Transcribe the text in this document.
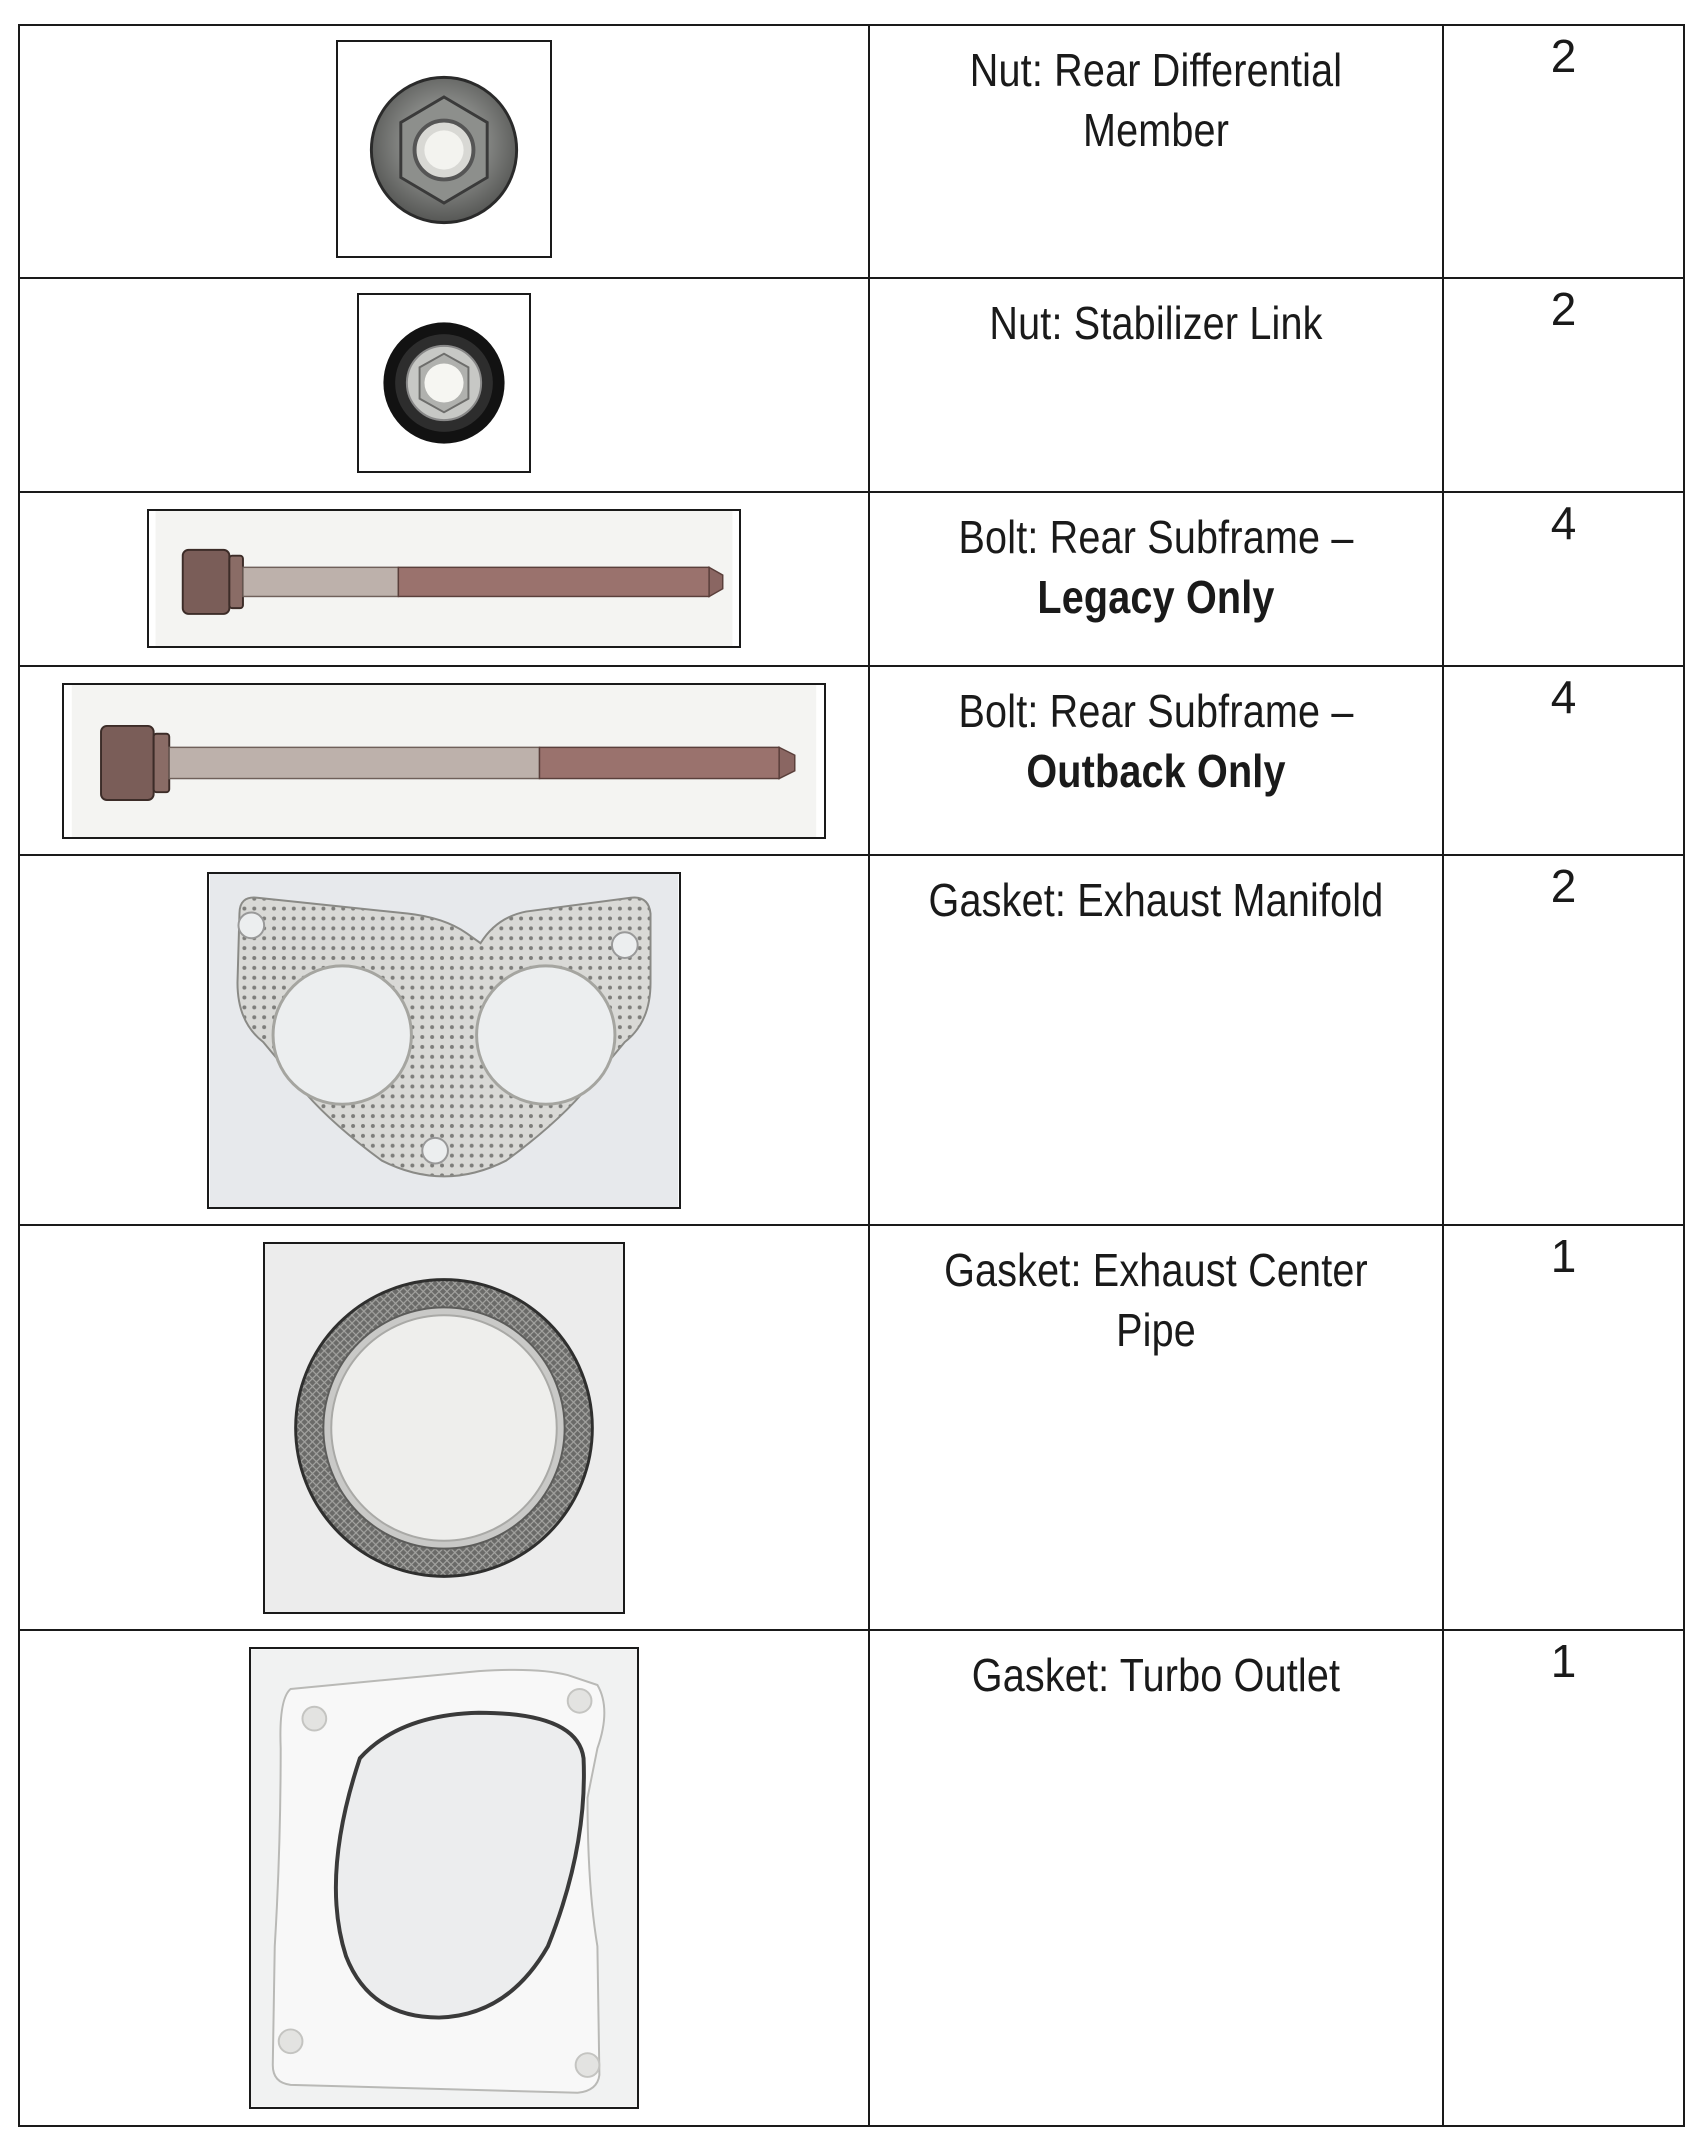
Nut: Rear Differential
Member	2

Nut: Stabilizer Link	2

Bolt: Rear Subframe –
Legacy Only	4

Bolt: Rear Subframe –
Outback Only	4

Gasket: Exhaust Manifold	2

Gasket: Exhaust Center
Pipe	1

Gasket: Turbo Outlet	1
